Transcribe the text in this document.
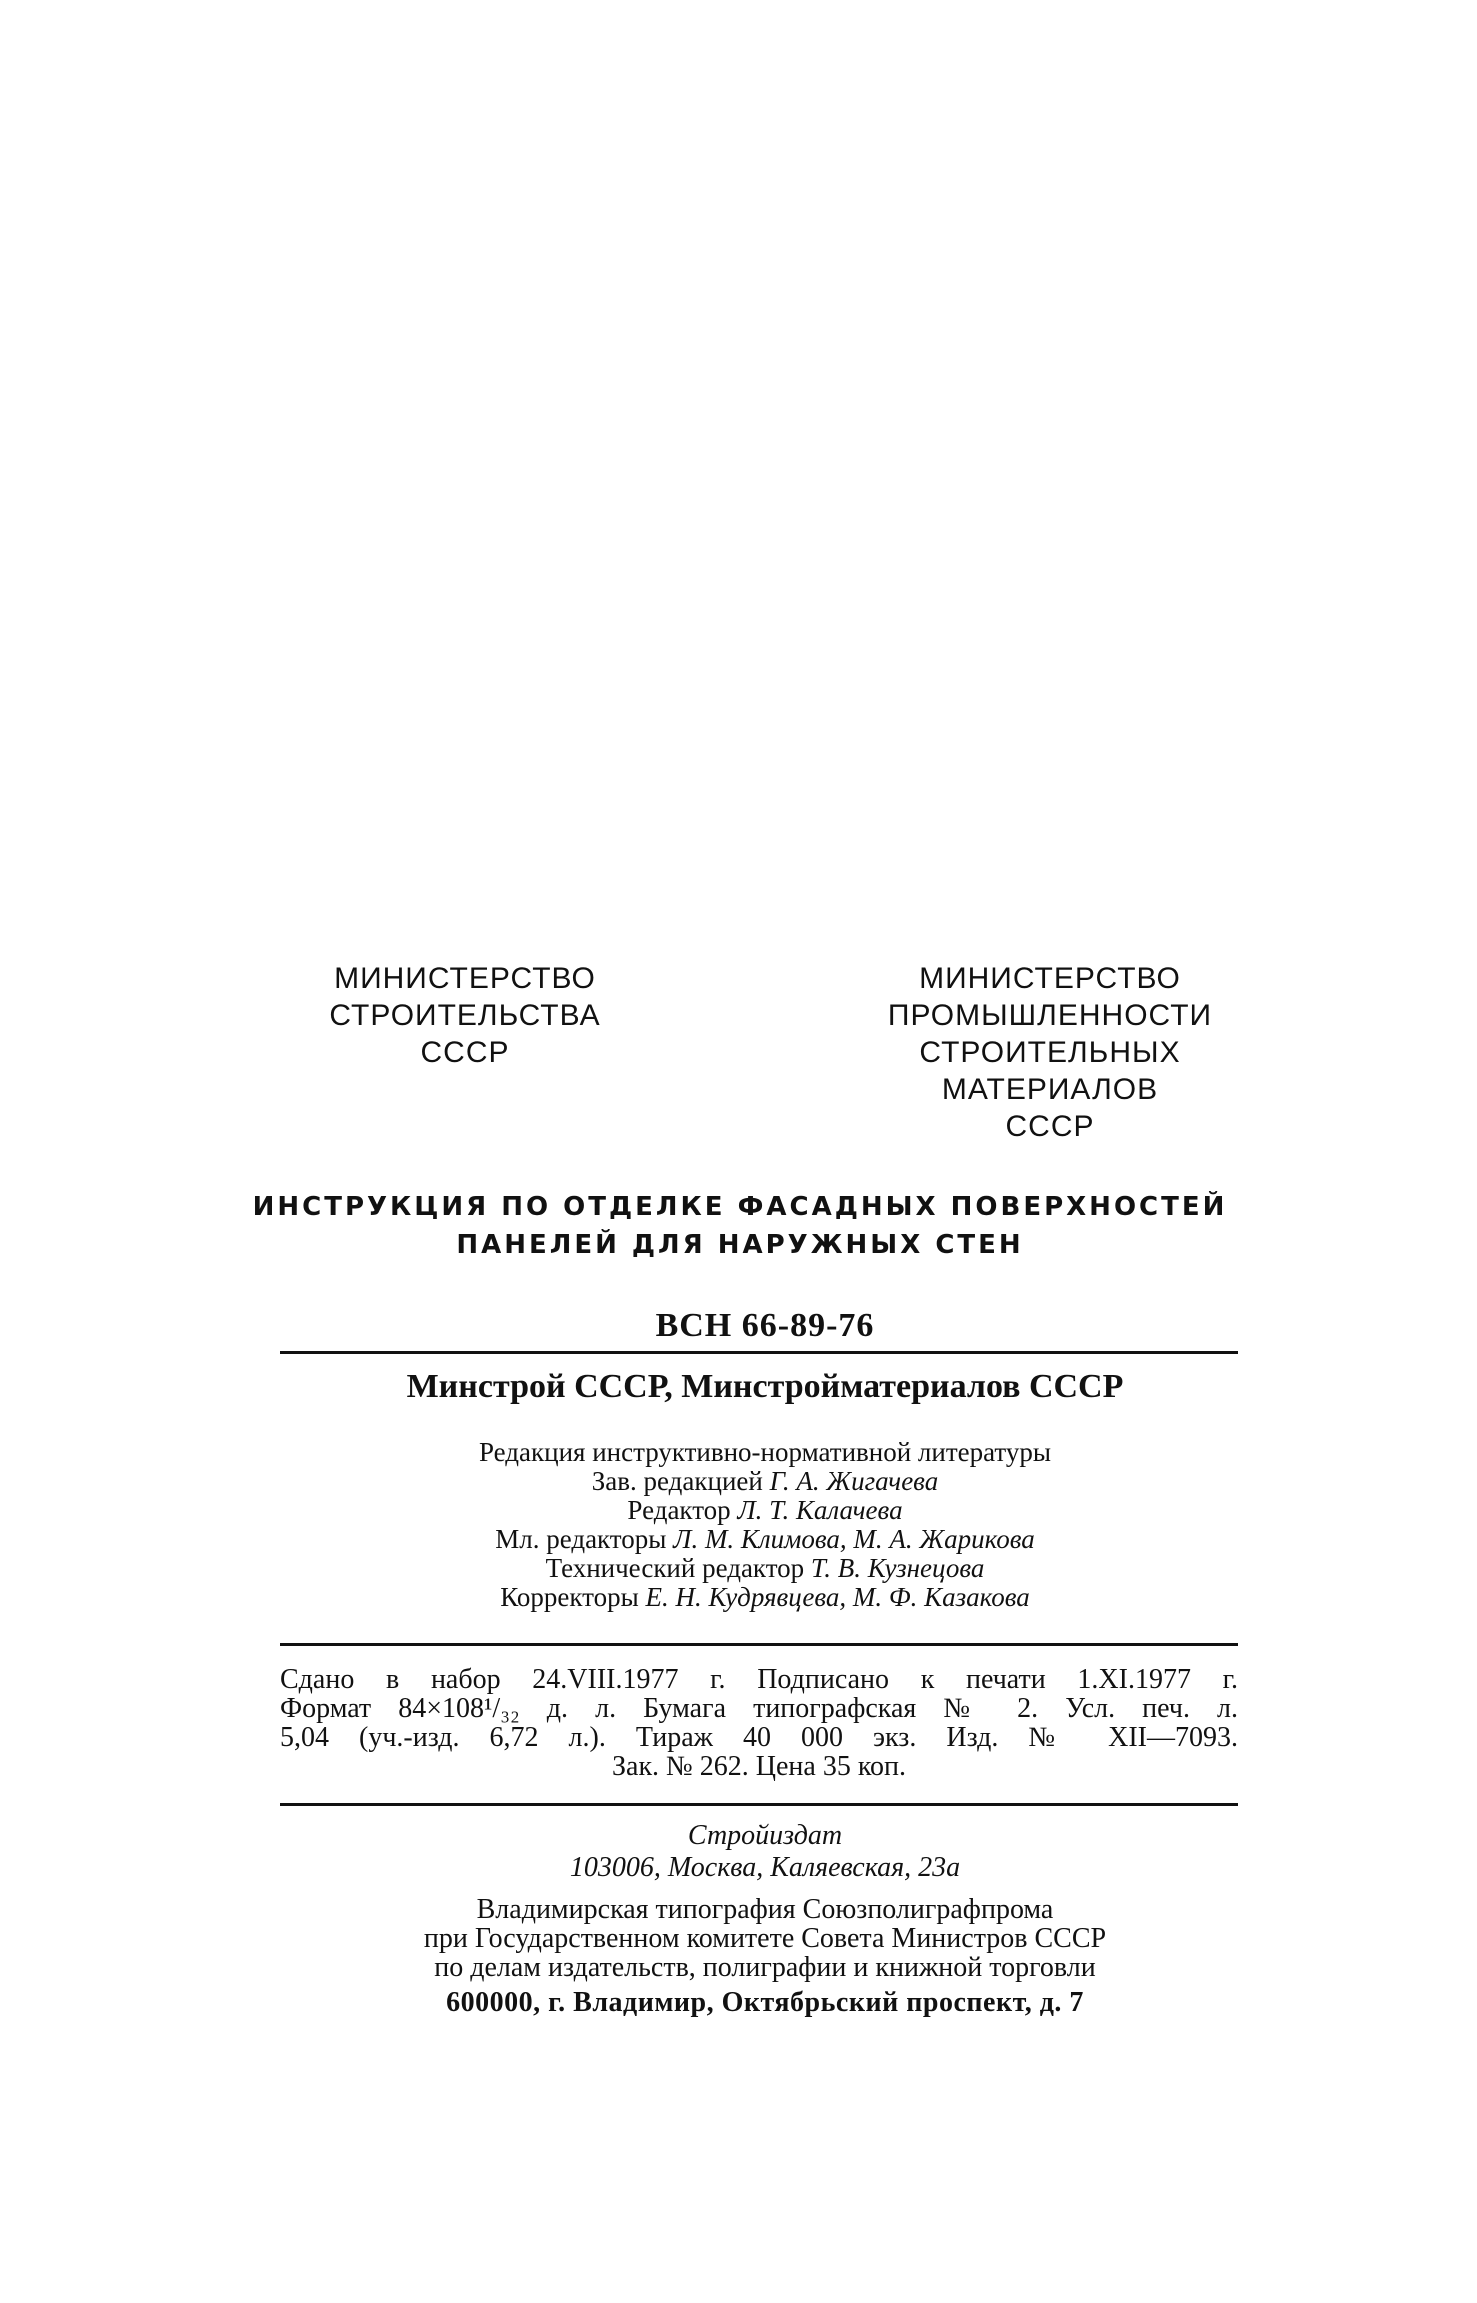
МИНИСТЕРСТВО
СТРОИТЕЛЬСТВА
СССР
МИНИСТЕРСТВО
ПРОМЫШЛЕННОСТИ
СТРОИТЕЛЬНЫХ
МАТЕРИАЛОВ
СССР
ИНСТРУКЦИЯ ПО ОТДЕЛКЕ ФАСАДНЫХ ПОВЕРХНОСТЕЙ
ПАНЕЛЕЙ ДЛЯ НАРУЖНЫХ СТЕН
ВСН 66-89-76
Минстрой СССР, Минстройматериалов СССР
Редакция инструктивно-нормативной литературы
Зав. редакцией Г. А. Жигачева
Редактор Л. Т. Калачева
Мл. редакторы Л. М. Климова, М. А. Жарикова
Технический редактор Т. В. Кузнецова
Корректоры Е. Н. Кудрявцева, М. Ф. Казакова
Сдано в набор 24.VIII.1977 г. Подписано к печати 1.XI.1977 г.
Формат 84×108¹/₃₂ д. л. Бумага типографская № 2. Усл. печ. л.
5,04 (уч.-изд. 6,72 л.). Тираж 40 000 экз. Изд. № XII—7093.
Зак. № 262. Цена 35 коп.
Стройиздат
103006, Москва, Каляевская, 23а
Владимирская типография Союзполиграфпрома
при Государственном комитете Совета Министров СССР
по делам издательств, полиграфии и книжной торговли
600000, г. Владимир, Октябрьский проспект, д. 7
